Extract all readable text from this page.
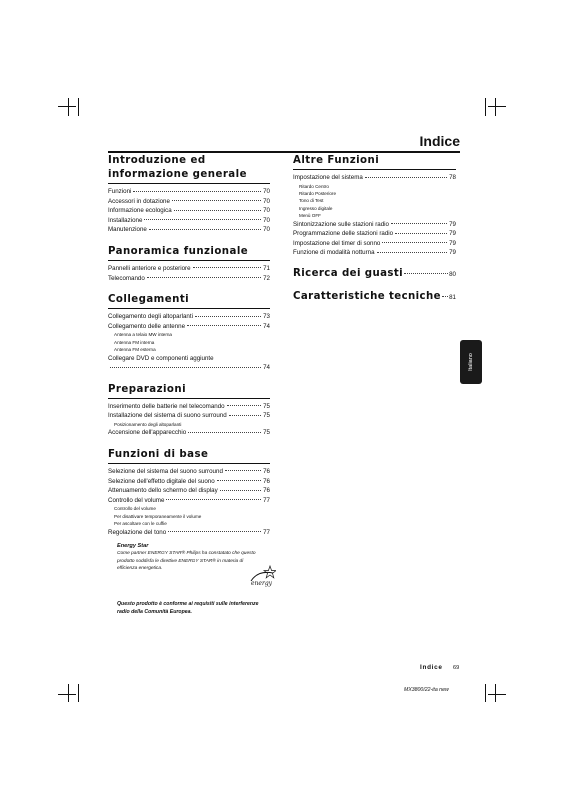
Indice
Introduzione ed informazione generale
Funzioni	70
Accessori in dotazione	70
Informazione ecologica	70
Installazione	70
Manutenzione	70
Panoramica funzionale
Pannelli anteriore e posteriore	71
Telecomando	72
Collegamenti
Collegamento degli altoparlanti	73
Collegamento delle antenne	74
Antenna a telaio MW interna
Antenna FM interna
Antenna FM esterna
Collegare DVD e componenti aggiunte
74
Preparazioni
Inserimento delle batterie nel telecomando	75
Installazione del sistema di suono surround	75
Posizionamento degli altoparlanti
Accensione dell'apparecchio	75
Funzioni di base
Selezione del sistema del suono surround	76
Selezione dell'effetto digitale del suono	76
Attenuamento dello schermo del display	76
Controllo del volume	77
Controllo del volume
Per disattivare temporaneamente il volume
Per ascoltare con le cuffie
Regolazione del tono	77
Altre Funzioni
Impostazione del sistema	78
Ritardo Centro
Ritardo Posteriore
Tono di Test
Ingresso digitale
Menù OFF
Sintonizzazione sulle stazioni radio	79
Programmazione delle stazioni radio	79
Impostazione del timer di sonno	79
Funzione di modalità notturna	79
Ricerca dei guasti	80
Caratteristiche tecniche 81
Italiano
Energy Star
Come partner ENERGY STAR® Philips ha constatato che questo prodotto soddisfa le direttive ENERGY STAR® in materia di efficienza energetica.
energy
Questo prodotto è conforme ai requisiti sulle interferenze radio della Comunità Europea.
Indice 69
MX3800/22-ita new
